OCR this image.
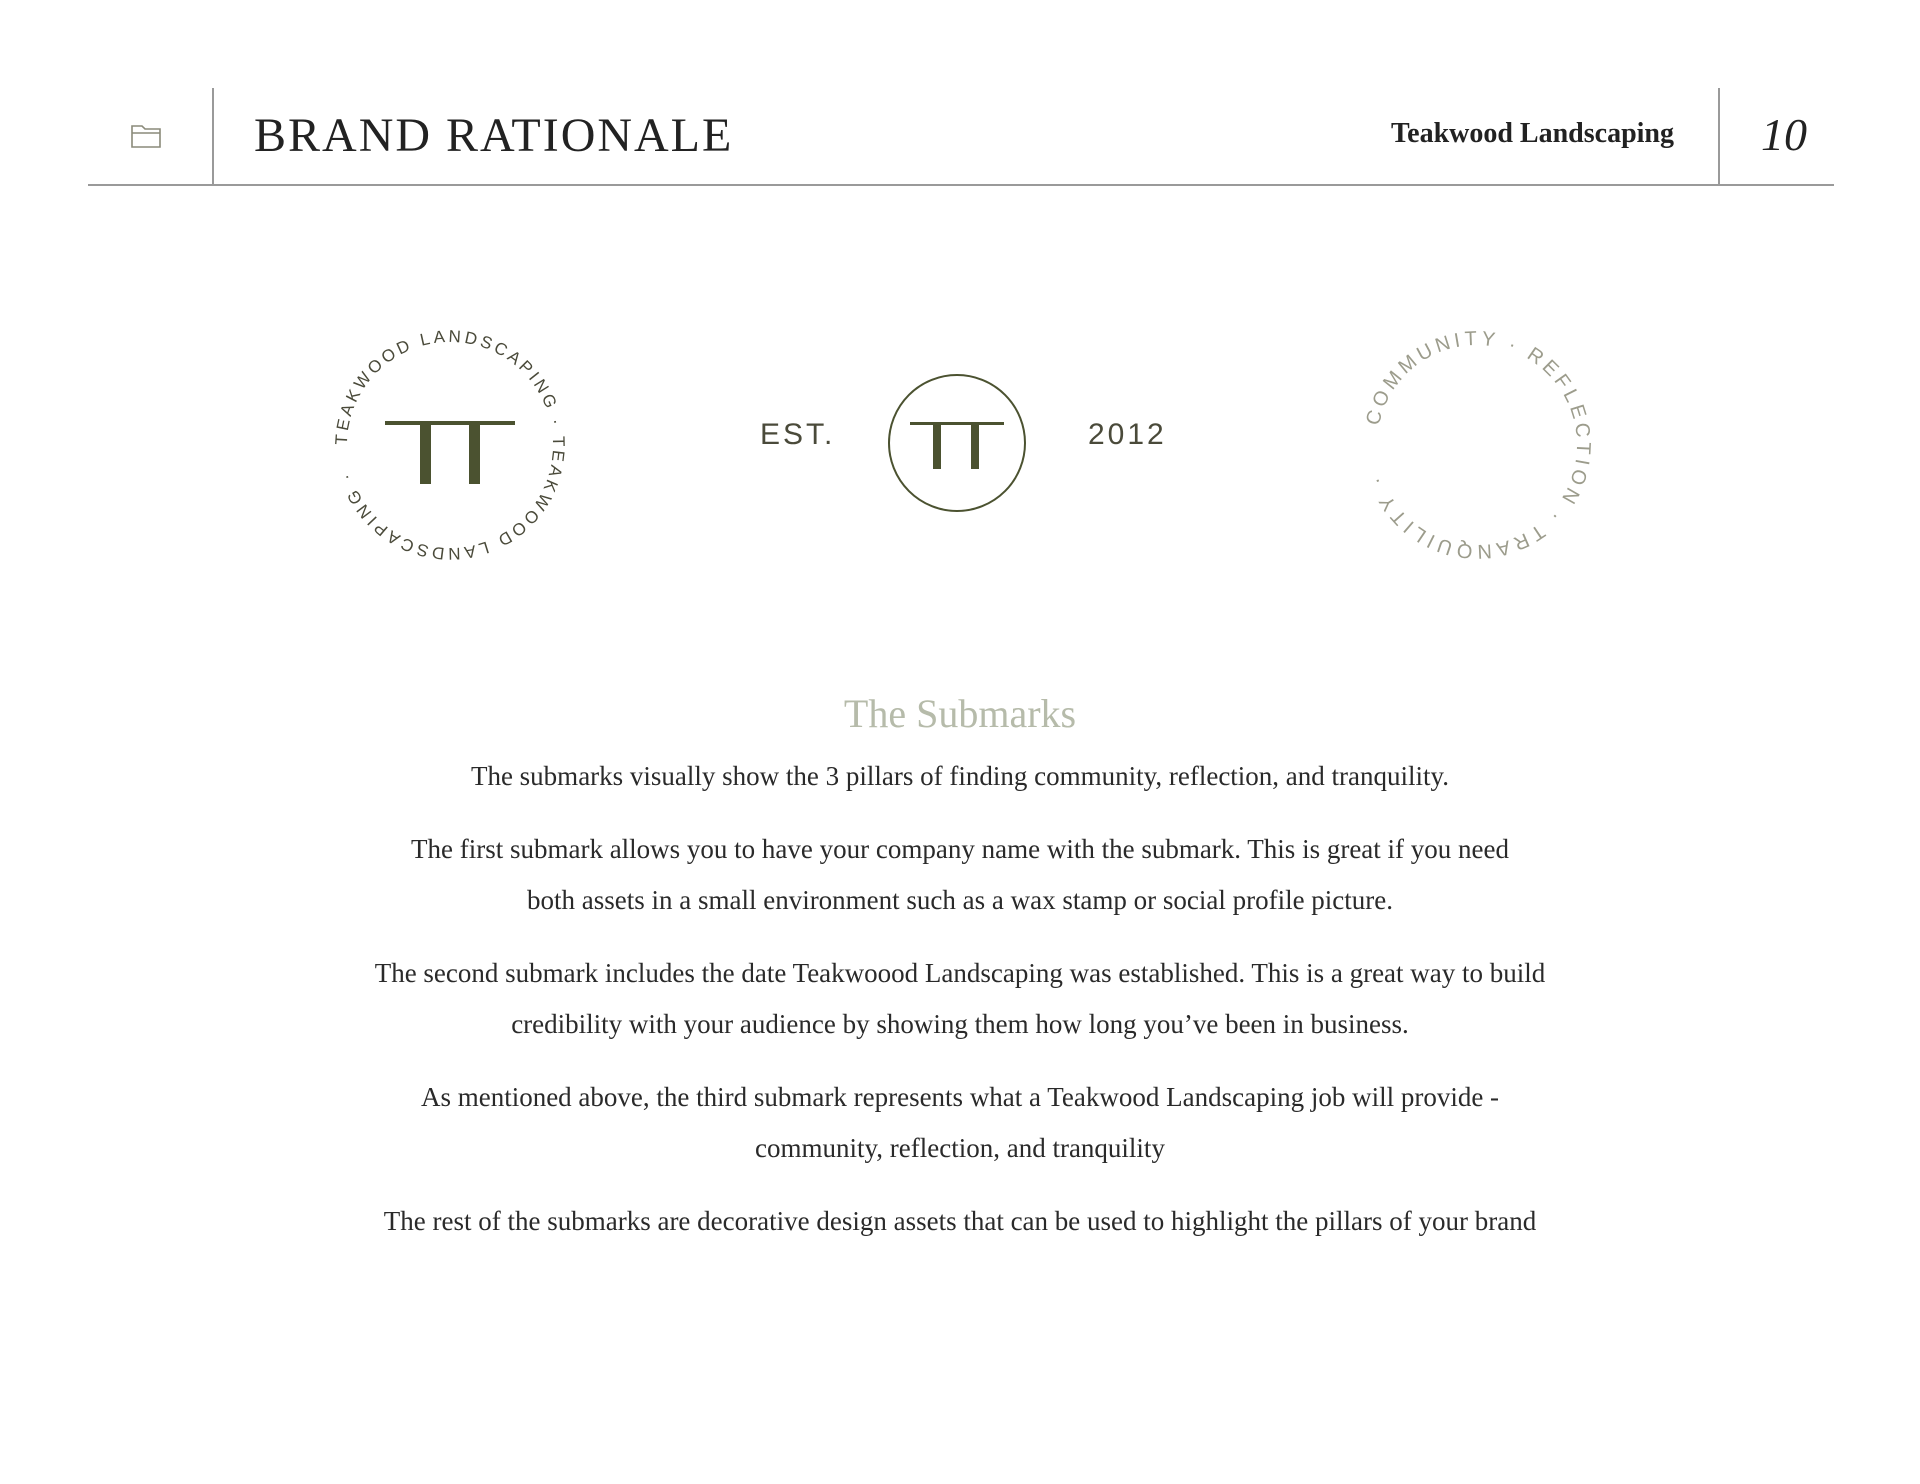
BRAND RATIONALE	Teakwood Landscaping	10
TEAKWOOD LANDSCAPING · TEAKWOOD LANDSCAPING ·
EST.	2012
COMMUNITY · REFLECTION · TRANQUILITY ·
The Submarks

The submarks visually show the 3 pillars of finding community, reflection, and tranquility.

The first submark allows you to have your company name with the submark. This is great if you need both assets in a small environment such as a wax stamp or social profile picture.

The second submark includes the date Teakwoood Landscaping was established. This is a great way to build credibility with your audience by showing them how long you’ve been in business.

As mentioned above, the third submark represents what a Teakwood Landscaping job will provide - community, reflection, and tranquility

The rest of the submarks are decorative design assets that can be used to highlight the pillars of your brand
